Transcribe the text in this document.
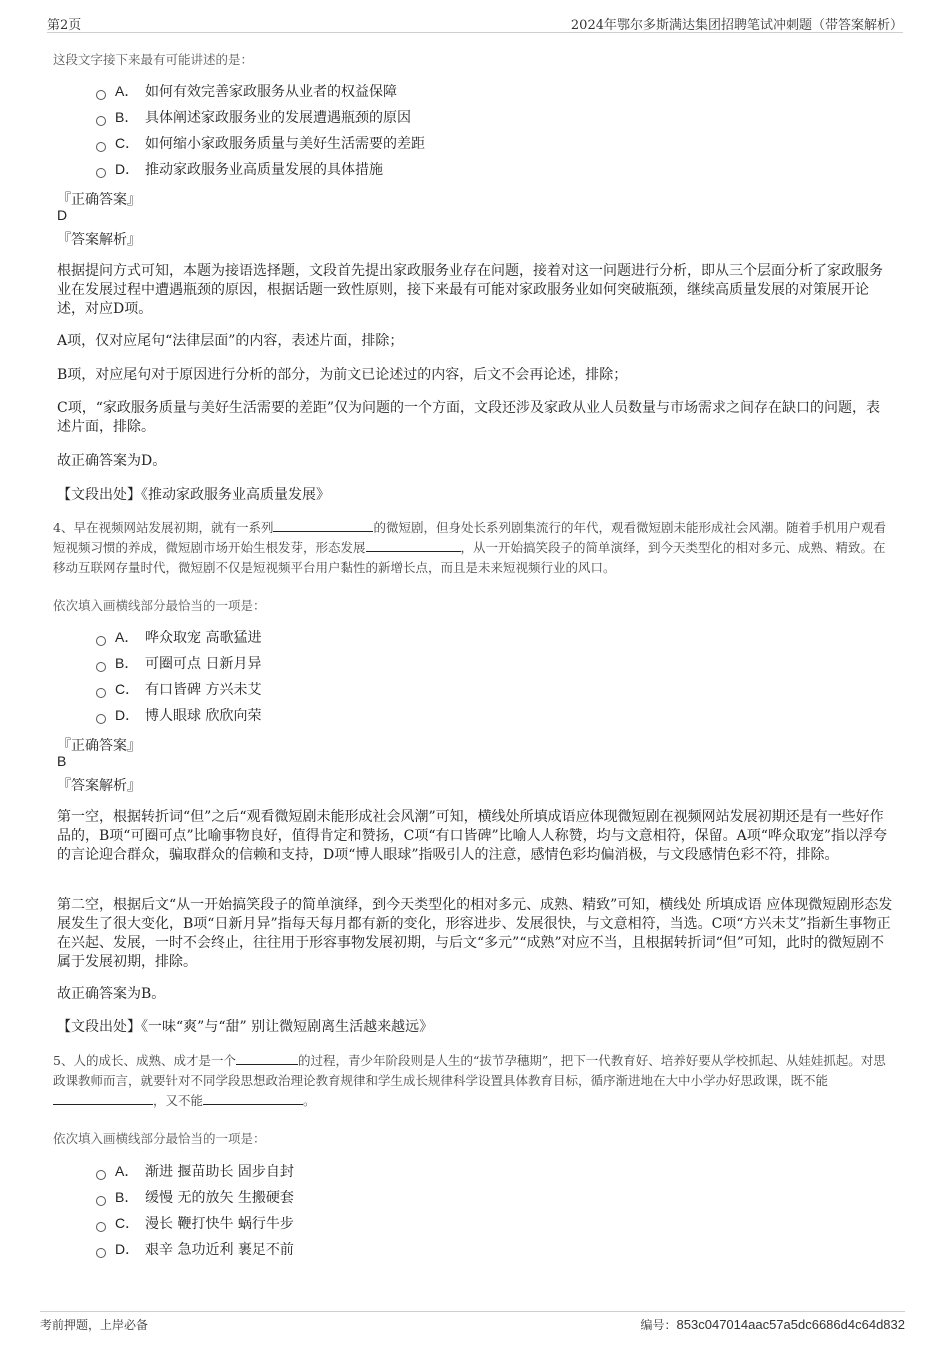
第2页	2024年鄂尔多斯满达集团招聘笔试冲刺题（带答案解析）
这段文字接下来最有可能讲述的是：
A． 如何有效完善家政服务从业者的权益保障
B． 具体阐述家政服务业的发展遭遇瓶颈的原因
C． 如何缩小家政服务质量与美好生活需要的差距
D． 推动家政服务业高质量发展的具体措施
『正确答案』
D
『答案解析』
根据提问方式可知，本题为接语选择题，文段首先提出家政服务业存在问题，接着对这一问题进行分析，即从三个层面分析了家政服务业在发展过程中遭遇瓶颈的原因，根据话题一致性原则，接下来最有可能对家政服务业如何突破瓶颈，继续高质量发展的对策展开论述，对应D项。
A项，仅对应尾句“法律层面”的内容，表述片面，排除；
B项，对应尾句对于原因进行分析的部分，为前文已论述过的内容，后文不会再论述，排除；
C项，“家政服务质量与美好生活需要的差距”仅为问题的一个方面，文段还涉及家政从业人员数量与市场需求之间存在缺口的问题，表述片面，排除。
故正确答案为D。
【文段出处】《推动家政服务业高质量发展》
4、早在视频网站发展初期，就有一系列	的微短剧，但身处长系列剧集流行的年代，观看微短剧未能形成社会风潮。随着手机用户观看短视频习惯的养成，微短剧市场开始生根发芽，形态发展	，从一开始搞笑段子的简单演绎，到今天类型化的相对多元、成熟、精致。在移动互联网存量时代，微短剧不仅是短视频平台用户黏性的新增长点，而且是未来短视频行业的风口。
依次填入画横线部分最恰当的一项是：
A． 哗众取宠 高歌猛进
B． 可圈可点 日新月异
C． 有口皆碑 方兴未艾
D． 博人眼球 欣欣向荣
『正确答案』
B
『答案解析』
第一空，根据转折词“但”之后“观看微短剧未能形成社会风潮”可知，横线处所填成语应体现微短剧在视频网站发展初期还是有一些好作品的，B项“可圈可点”比喻事物良好，值得肯定和赞扬，C项“有口皆碑”比喻人人称赞，均与文意相符，保留。A项“哗众取宠”指以浮夸的言论迎合群众，骗取群众的信赖和支持，D项“博人眼球”指吸引人的注意，感情色彩均偏消极，与文段感情色彩不符，排除。
第二空，根据后文“从一开始搞笑段子的简单演绎，到今天类型化的相对多元、成熟、精致”可知，横线处 所填成语 应体现微短剧形态发展发生了很大变化，B项“日新月异”指每天每月都有新的变化，形容进步、发展很快，与文意相符，当选。C项“方兴未艾”指新生事物正在兴起、发展，一时不会终止，往往用于形容事物发展初期，与后文“多元”“成熟”对应不当，且根据转折词“但”可知，此时的微短剧不属于发展初期，排除。
故正确答案为B。
【文段出处】《一味“爽”与“甜” 别让微短剧离生活越来越远》
5、人的成长、成熟、成才是一个	的过程，青少年阶段则是人生的“拔节孕穗期”，把下一代教育好、培养好要从学校抓起、从娃娃抓起。对思政课教师而言，就要针对不同学段思想政治理论教育规律和学生成长规律科学设置具体教育目标，循序渐进地在大中小学办好思政课，既不能，又不能	。
依次填入画横线部分最恰当的一项是：
A． 渐进 揠苗助长 固步自封
B． 缓慢 无的放矢 生搬硬套
C． 漫长 鞭打快牛 蜗行牛步
D． 艰辛 急功近利 裹足不前
考前押题，上岸必备	编号：853c047014aac57a5dc6686d4c64d832
